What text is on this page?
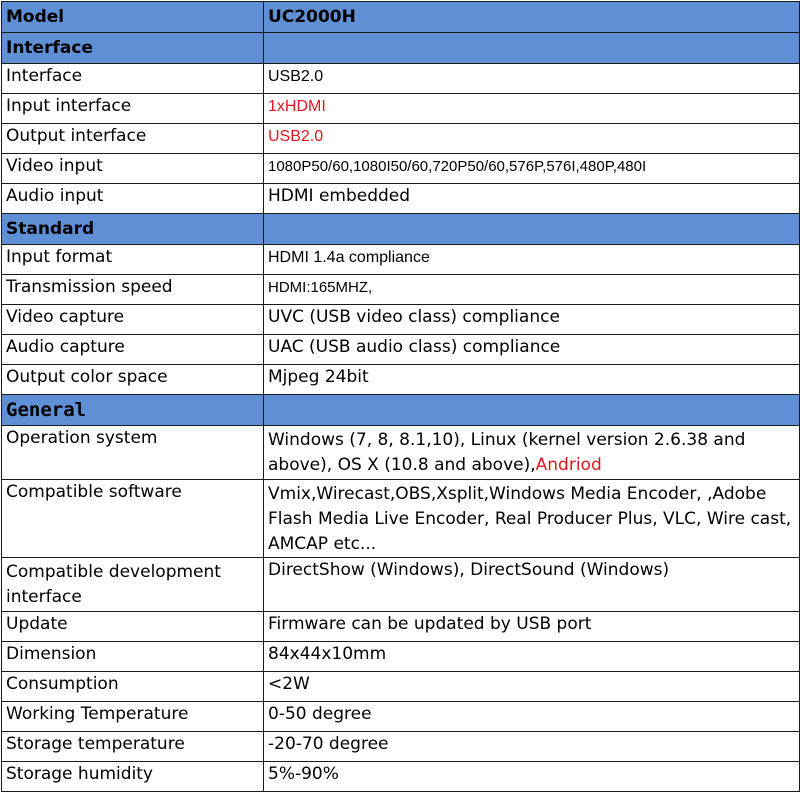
Model	UC2000H
Interface	
Interface	USB2.0
Input interface	1xHDMI
Output interface	USB2.0
Video input	1080P50/60,1080I50/60,720P50/60,576P,576I,480P,480I
Audio input	HDMI embedded
Standard	
Input format	HDMI 1.4a compliance
Transmission speed	HDMI:165MHZ,
Video capture	UVC (USB video class) compliance
Audio capture	UAC (USB audio class) compliance
Output color space	Mjpeg 24bit
General	
Operation system	Windows (7, 8, 8.1,10), Linux (kernel version 2.6.38 and above), OS X (10.8 and above),Andriod
Compatible software	Vmix,Wirecast,OBS,Xsplit,Windows Media Encoder, ,Adobe Flash Media Live Encoder, Real Producer Plus, VLC, Wire cast, AMCAP etc...
Compatible development interface	DirectShow (Windows), DirectSound (Windows)
Update	Firmware can be updated by USB port
Dimension	84x44x10mm
Consumption	<2W
Working Temperature	0-50 degree
Storage temperature	-20-70 degree
Storage humidity	5%-90%
